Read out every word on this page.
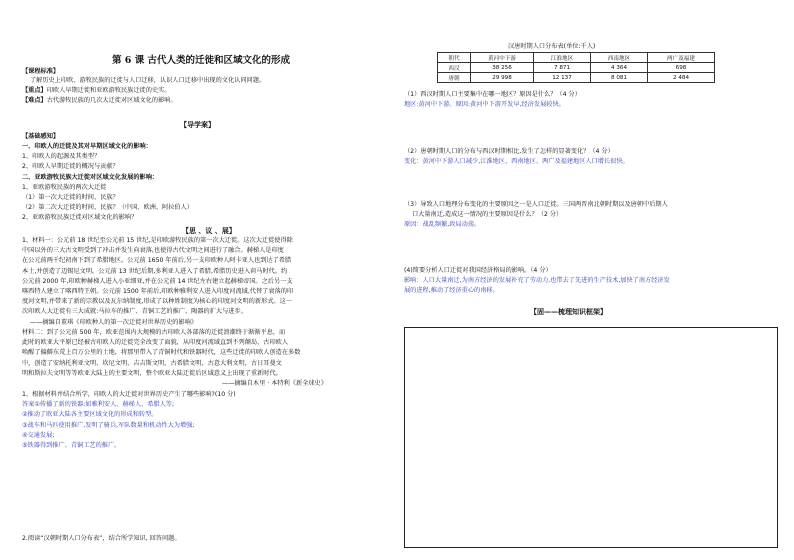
第 6 课 古代人类的迁徙和区域文化的形成
【课程标准】
了解历史上印欧、游牧民族的迁徙与人口迁移，认识人口迁移中出现的文化认同问题。
【重点】印欧人早期迁徙和亚欧游牧民族迁徙的史实。
【难点】古代游牧民族的几次大迁徙对区域文化的影响。
【导学案】
【基础感知】
一、印欧人的迁徙及其对早期区域文化的影响：
1、印欧人的起源及其类型？
2、印欧人早期迁徙的概况与贡献？
二、亚欧游牧民族大迁徙对区域文化发展的影响：
1、亚欧游牧民族的两次大迁徙
（1）第一次大迁徙的时间、民族？
（2）第二次大迁徙的时间、民族？（中国、欧洲、阿拉伯人）
2、亚欧游牧民族迁徙对区域文化的影响？
【思 、议 、展】
1、材料一：公元前 18 世纪至公元前 15 世纪,是印欧游牧民族的第一次大迁徙。这次大迁徙使得除
中国以外的三大古文明受到了冲击并发生向衰落,也使得古代文明之间进行了融合。赫梯人是印度
在公元前两千纪初南下到了希腊地区。公元前 1650 年前后,另一支印欧种人阿卡亚人也到达了希腊
本土,并创造了迈锡尼文明。公元前 13 世纪后期,多利亚人进入了希腊,希腊历史进入荷马时代。约
公元前 2000 年,印欧种赫梯人进入小亚细亚,并在公元前 14 世纪左右建立起赫梯帝国。之后另一支
喀西特人建立了喀西特王朝。公元前 1500 年前后,印欧种雅利安人进入印度河流域,代替了衰落的印
度河文明,并带来了新的宗教以及瓦尔纳制度,形成了以种姓制度为核心的印度河文明的新形式。这一
次印欧人大迁徙有三大成就:马拉车的推广、青铜工艺的推广、陶器的扩大与进步。
——摘编自董琪《印欧种人的第一次迁徙对世界历史的影响》
材料二：到了公元前 500 年，欧亚范围内大规模的古印欧人各部落的迁徙浪潮终于渐渐平息，而
此时的欧亚大平原已经被古印欧人的迁徙完全改变了面貌，从印度河流域直到不列颠岛，古印欧人
唤醒了偏僻东荒上百万公里的土地，将那里带入了青铜时代和铁器时代，这些迁徙的印欧人创造在多数
中，创造了安纳托利亚文明、坎尼文明、吉吉斯文明、古希腊文明、古意大利文明，古日耳曼文
明和斯拉夫文明等等欧亚大陆上的主要文明，整个欧亚大陆迁徙后区域意义上出现了重新时代。
——摘编自木里 · 本特利《新全球史》
1、根据材料并结合所学，印欧人的大迁徙对世界历史产生了哪些影响?(10 分)
答案①传播了新的铁器:如雅利安人、赫梯人、希腊人等;
②推动了欧亚大陆各主要区域文化的形成和转型。
③战车和马匹使用推广,发明了骑兵,军队数量和机动性大为增强;
④交通发展;
⑤铁器得到推广、青铜工艺的推广。
2.阅读“汉朝时期人口分布表”，结合所学知识, 回答问题。
汉唐时期人口分布表(单位:千人)
朝代	黄河中下游	江淮地区	西南地区	两广及福建
西汉	38 256	7 871	4 364	698
唐朝	29 998	12 137	8 081	2 484
（1）西汉时期人口主要集中在哪一地区？原因是什么？（4 分）
地区:黄河中下游。原因:黄河中下游开发早,经济发展较快。
（2）唐朝时期人口的分布与西汉时期相比,发生了怎样的显著变化？（4 分）
变化：黄河中下游人口减少,江淮地区、西南地区、两广及福建地区人口增长很快。
（3）导致人口地理分布变化的主要原因之一是人口迁徙。三国两晋南北朝时期以及唐朝中后期人
口大量南迁,造成这一情况的主要原因是什么？（2 分）
原因：战乱频繁,政局动荡。
(4)简要分析人口迁徙对我国经济格局的影响。（4 分）
影响：人口大量南迁,为南方经济的发展补充了劳动力,也带去了先进的生产技术,加快了南方经济发
展的进程,推动了经济重心的南移。
【固——梳理知识框架】
